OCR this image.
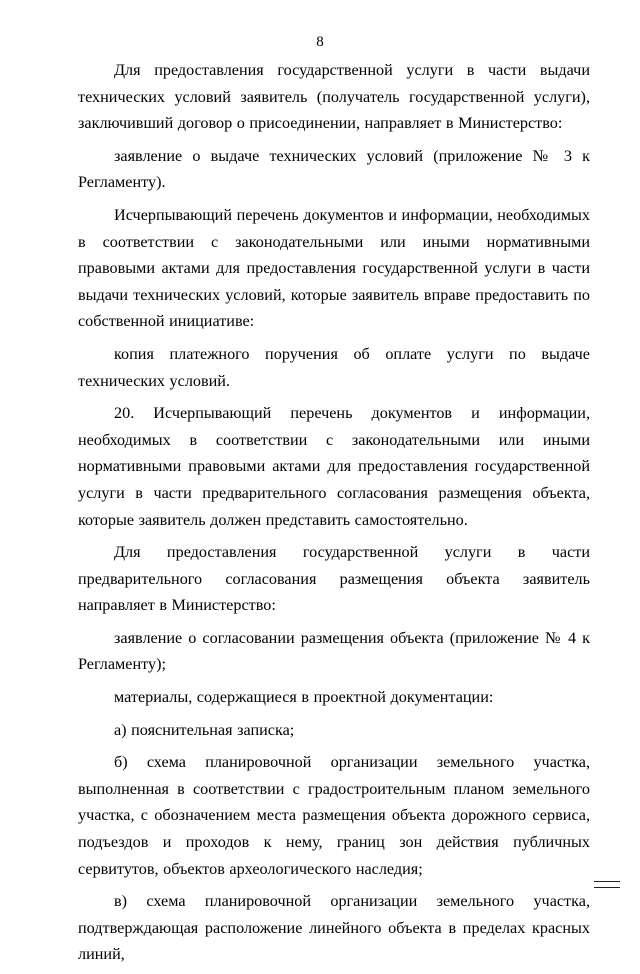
8

Для предоставления государственной услуги в части выдачи технических условий заявитель (получатель государственной услуги), заключивший договор о присоединении, направляет в Министерство:

заявление о выдаче технических условий (приложение № 3 к Регламенту).

Исчерпывающий перечень документов и информации, необходимых в соответствии с законодательными или иными нормативными правовыми актами для предоставления государственной услуги в части выдачи технических условий, которые заявитель вправе предоставить по собственной инициативе:

копия платежного поручения об оплате услуги по выдаче технических условий.

20. Исчерпывающий перечень документов и информации, необходимых в соответствии с законодательными или иными нормативными правовыми актами для предоставления государственной услуги в части предварительного согласования размещения объекта, которые заявитель должен представить самостоятельно.

Для предоставления государственной услуги в части предварительного согласования размещения объекта заявитель направляет в Министерство:

заявление о согласовании размещения объекта (приложение № 4 к Регламенту);

материалы, содержащиеся в проектной документации:

а) пояснительная записка;

б) схема планировочной организации земельного участка, выполненная в соответствии с градостроительным планом земельного участка, с обозначением места размещения объекта дорожного сервиса, подъездов и проходов к нему, границ зон действия публичных сервитутов, объектов археологического наследия;

в) схема планировочной организации земельного участка, подтверждающая расположение линейного объекта в пределах красных линий,
